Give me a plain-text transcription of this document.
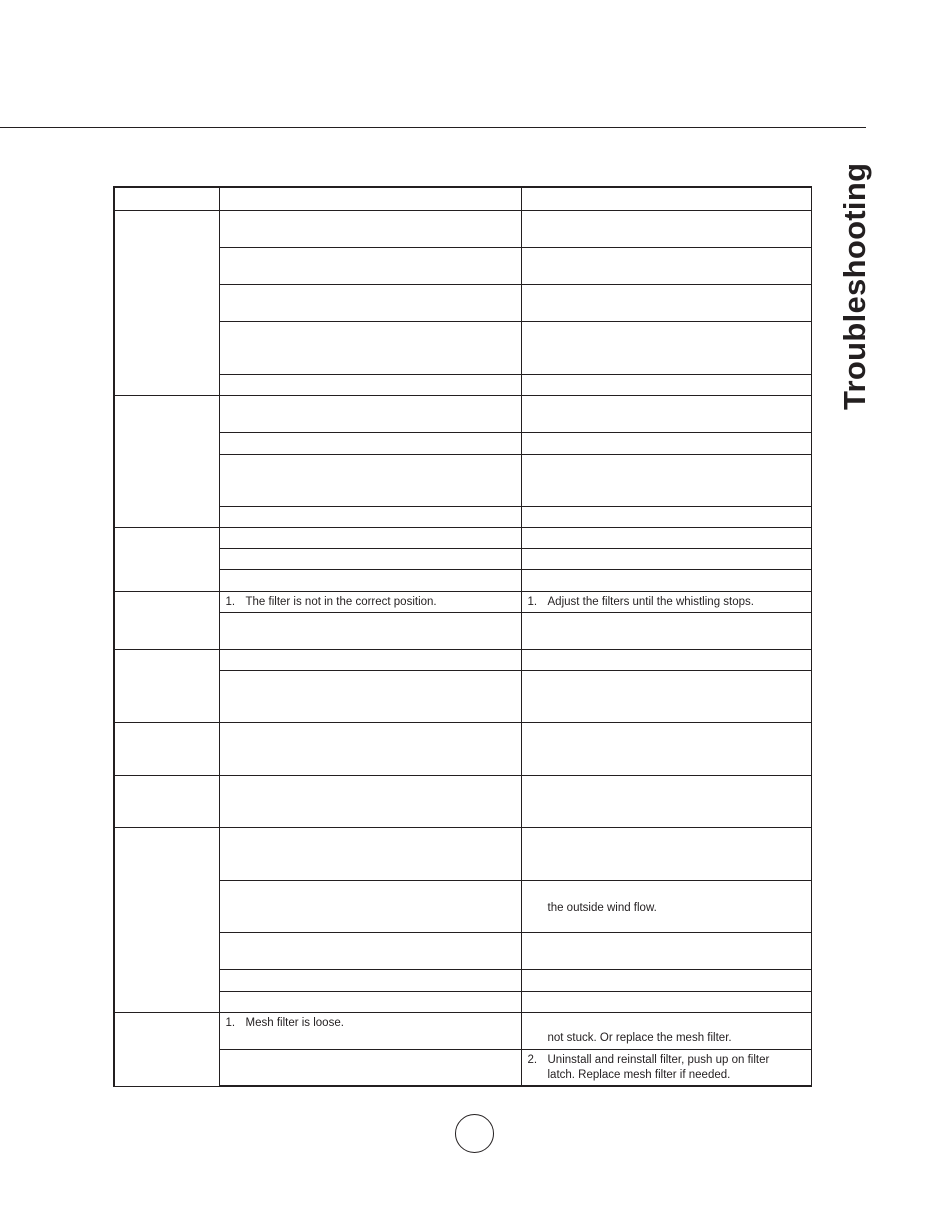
Troubleshooting

	1. The filter is not in the correct position.	1. Adjust the filters until the whistling stops.

		the outside wind flow.

	1. Mesh filter is loose.	not stuck. Or replace the mesh filter.

		2. Uninstall and reinstall filter, push up on filter
latch. Replace mesh filter if needed.
